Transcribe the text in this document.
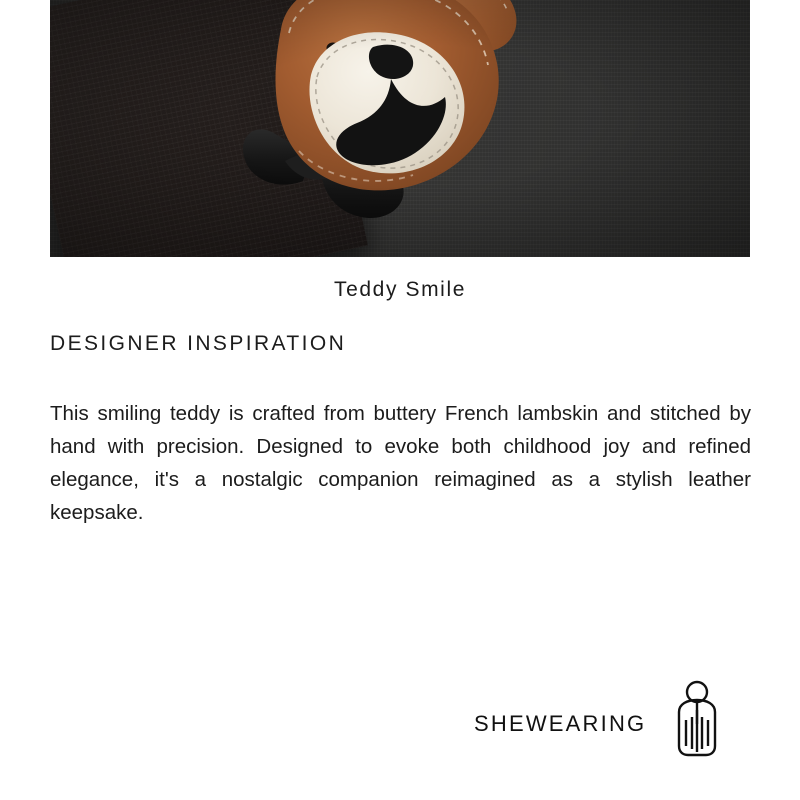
Teddy Smile
DESIGNER INSPIRATION
This smiling teddy is crafted from buttery French lambskin and stitched by hand with precision. Designed to evoke both childhood joy and refined elegance, it's a nostalgic companion reimagined as a stylish leather keepsake.
SHEWEARING
